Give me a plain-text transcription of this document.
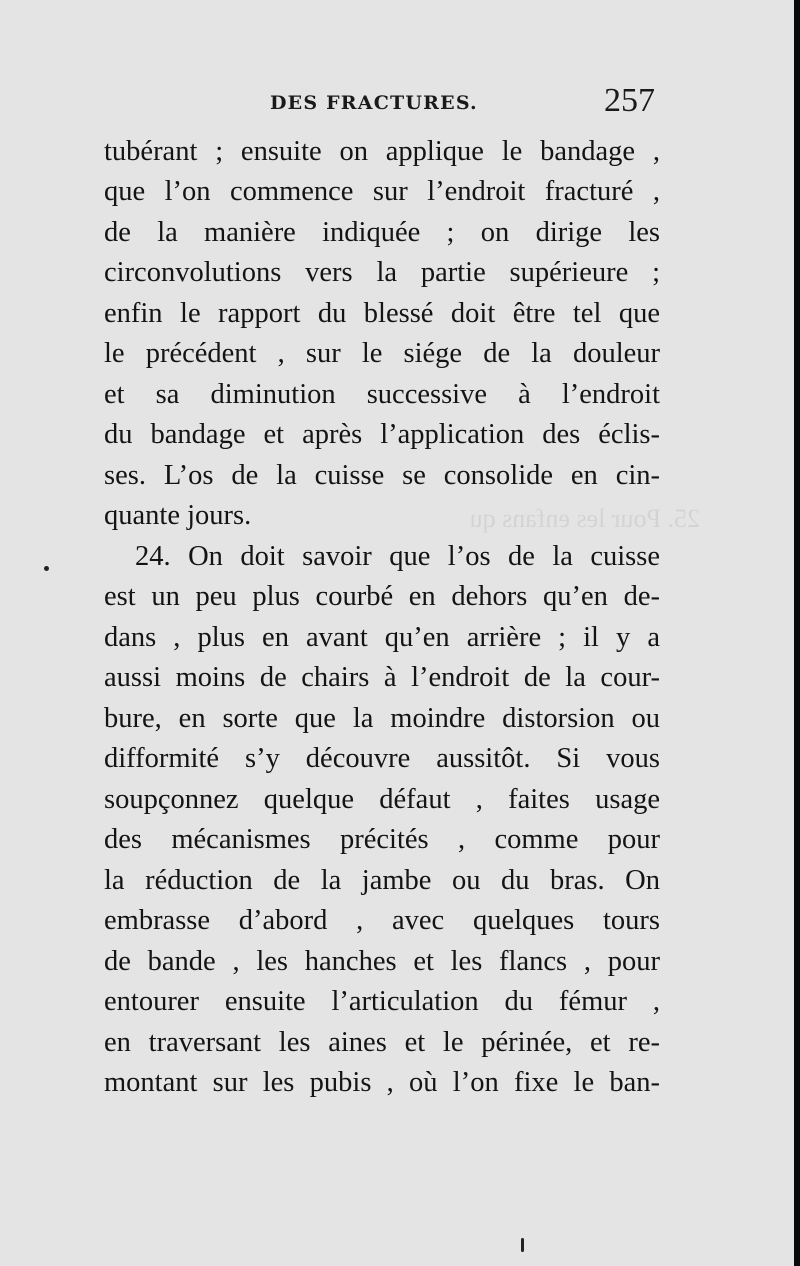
25. Pour les enfans qu
DES FRACTURES.	257
tubérant ; ensuite on applique le bandage ,
que l’on commence sur l’endroit fracturé ,
de la manière indiquée ; on dirige les
circonvolutions vers la partie supérieure ;
enfin le rapport du blessé doit être tel que
le précédent , sur le siége de la douleur
et sa diminution successive à l’endroit
du bandage et après l’application des éclis-
ses. L’os de la cuisse se consolide en cin-
quante jours.
24. On doit savoir que l’os de la cuisse
est un peu plus courbé en dehors qu’en de-
dans , plus en avant qu’en arrière ; il y a
aussi moins de chairs à l’endroit de la cour-
bure, en sorte que la moindre distorsion ou
difformité s’y découvre aussitôt. Si vous
soupçonnez quelque défaut , faites usage
des mécanismes précités , comme pour
la réduction de la jambe ou du bras. On
embrasse d’abord , avec quelques tours
de bande , les hanches et les flancs , pour
entourer ensuite l’articulation du fémur ,
en traversant les aines et le périnée, et re-
montant sur les pubis , où l’on fixe le ban-
